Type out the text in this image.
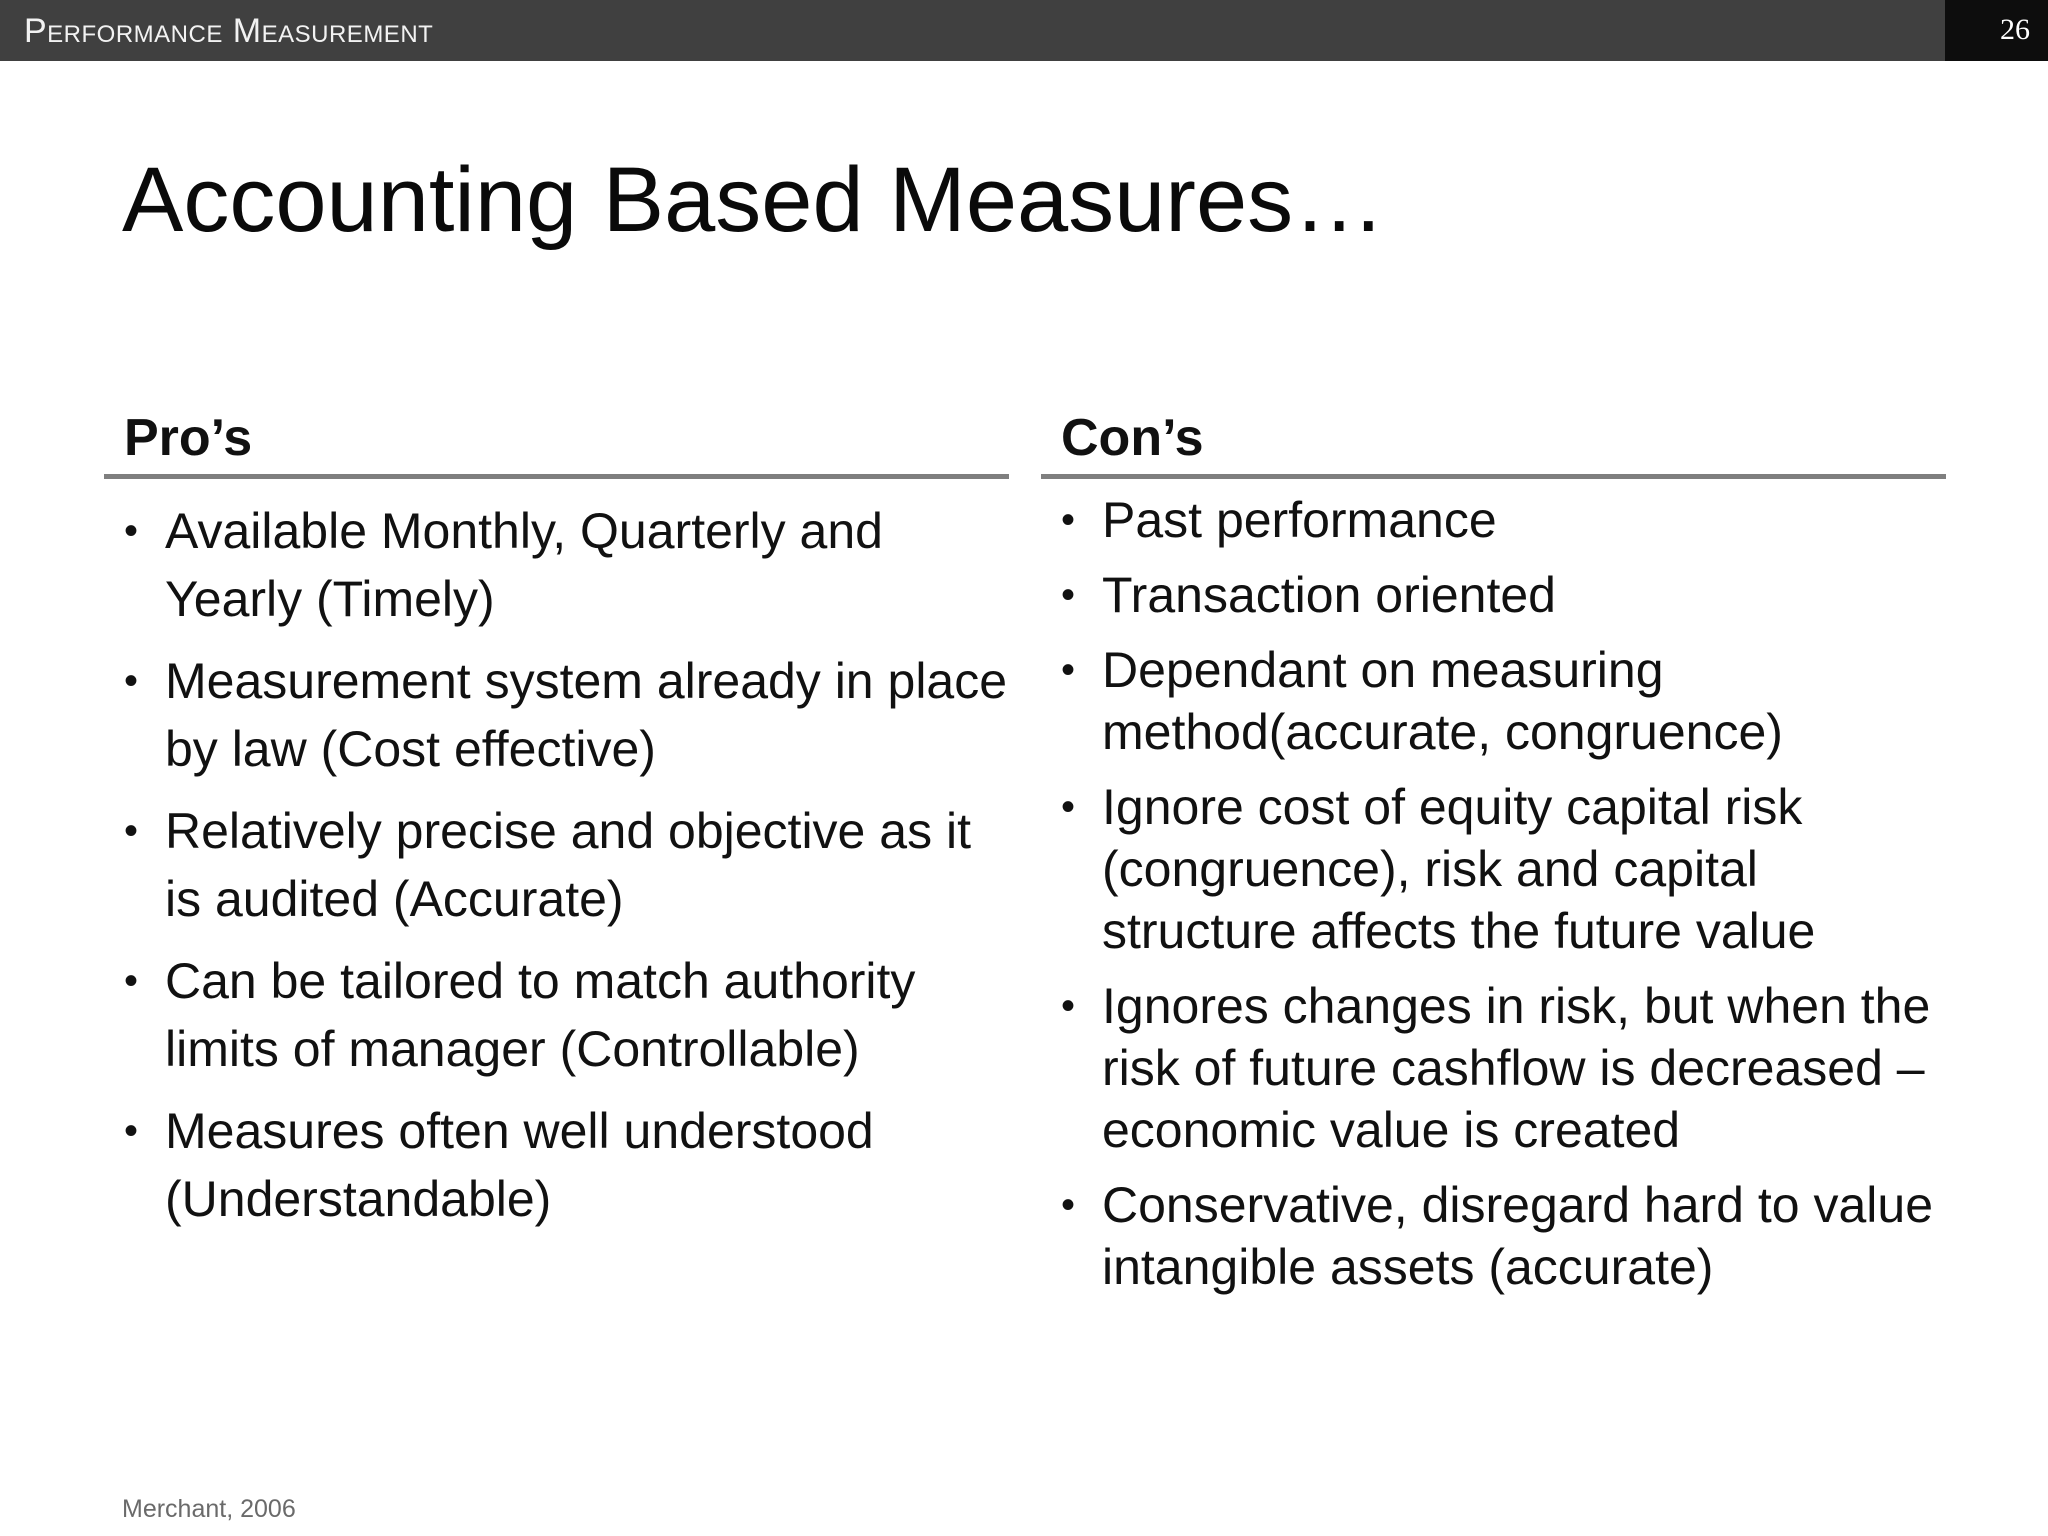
Performance Measurement	26
Accounting Based Measures…
Pro’s
• Available Monthly, Quarterly and Yearly (Timely)
• Measurement system already in place by law (Cost effective)
• Relatively precise and objective as it is audited (Accurate)
• Can be tailored to match authority limits of manager (Controllable)
• Measures often well understood (Understandable)
Con’s
• Past performance
• Transaction oriented
• Dependant on measuring method(accurate, congruence)
• Ignore cost of equity capital risk (congruence), risk and capital structure affects the future value
• Ignores changes in risk, but when the risk of future cashflow is decreased – economic value is created
• Conservative, disregard hard to value intangible assets (accurate)
Merchant, 2006
